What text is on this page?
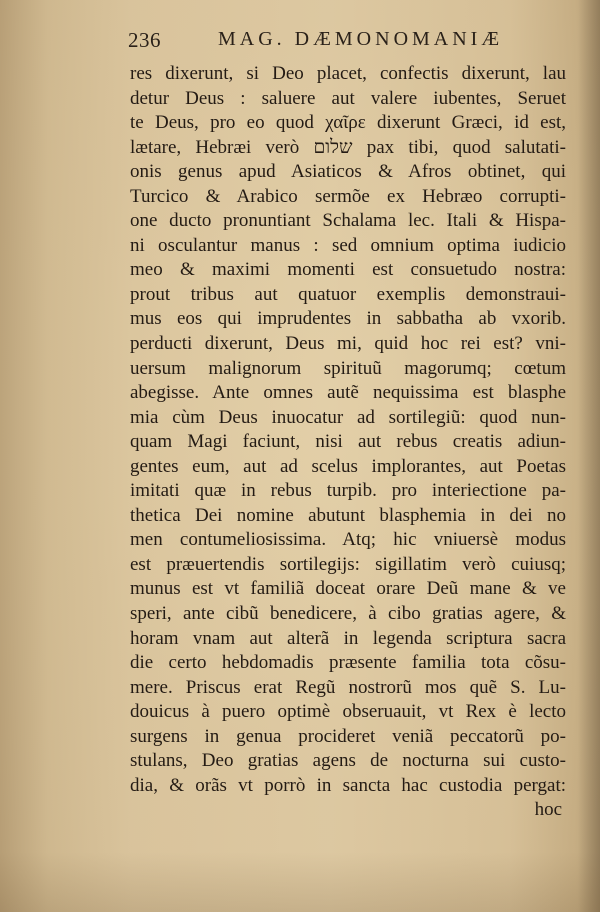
236	MAG. DÆMONOMANIÆ
res dixerunt, si Deo placet, confectis dixerunt, lau
detur Deus : saluere aut valere iubentes, Seruet
te Deus, pro eo quod χαῖρε dixerunt Græci, id est,
lætare, Hebræi verò שלום pax tibi, quod salutati-
onis genus apud Asiaticos & Afros obtinet, qui
Turcico & Arabico sermõe ex Hebræo corrupti-
one ducto pronuntiant Schalama lec. Itali & Hispa-
ni osculantur manus : sed omnium optima iudicio
meo & maximi momenti est consuetudo nostra:
prout tribus aut quatuor exemplis demonstraui-
mus eos qui imprudentes in sabbatha ab vxorib.
perducti dixerunt, Deus mi, quid hoc rei est? vni-
uersum malignorum spirituũ magorumq; cœtum
abegisse. Ante omnes autẽ nequissima est blasphe
mia cùm Deus inuocatur ad sortilegiũ: quod nun-
quam Magi faciunt, nisi aut rebus creatis adiun-
gentes eum, aut ad scelus implorantes, aut Poetas
imitati quæ in rebus turpib. pro interiectione pa-
thetica Dei nomine abutunt blasphemia in dei no
men contumeliosissima. Atq; hic vniuersè modus
est præuertendis sortilegijs: sigillatim verò cuiusq;
munus est vt familiã doceat orare Deũ mane & ve
speri, ante cibũ benedicere, à cibo gratias agere, &
horam vnam aut alterã in legenda scriptura sacra
die certo hebdomadis præsente familia tota cõsu-
mere. Priscus erat Regũ nostrorũ mos quẽ S. Lu-
douicus à puero optimè obseruauit, vt Rex è lecto
surgens in genua procideret veniã peccatorũ po-
stulans, Deo gratias agens de nocturna sui custo-
dia, & orãs vt porrò in sancta hac custodia pergat:
hoc
